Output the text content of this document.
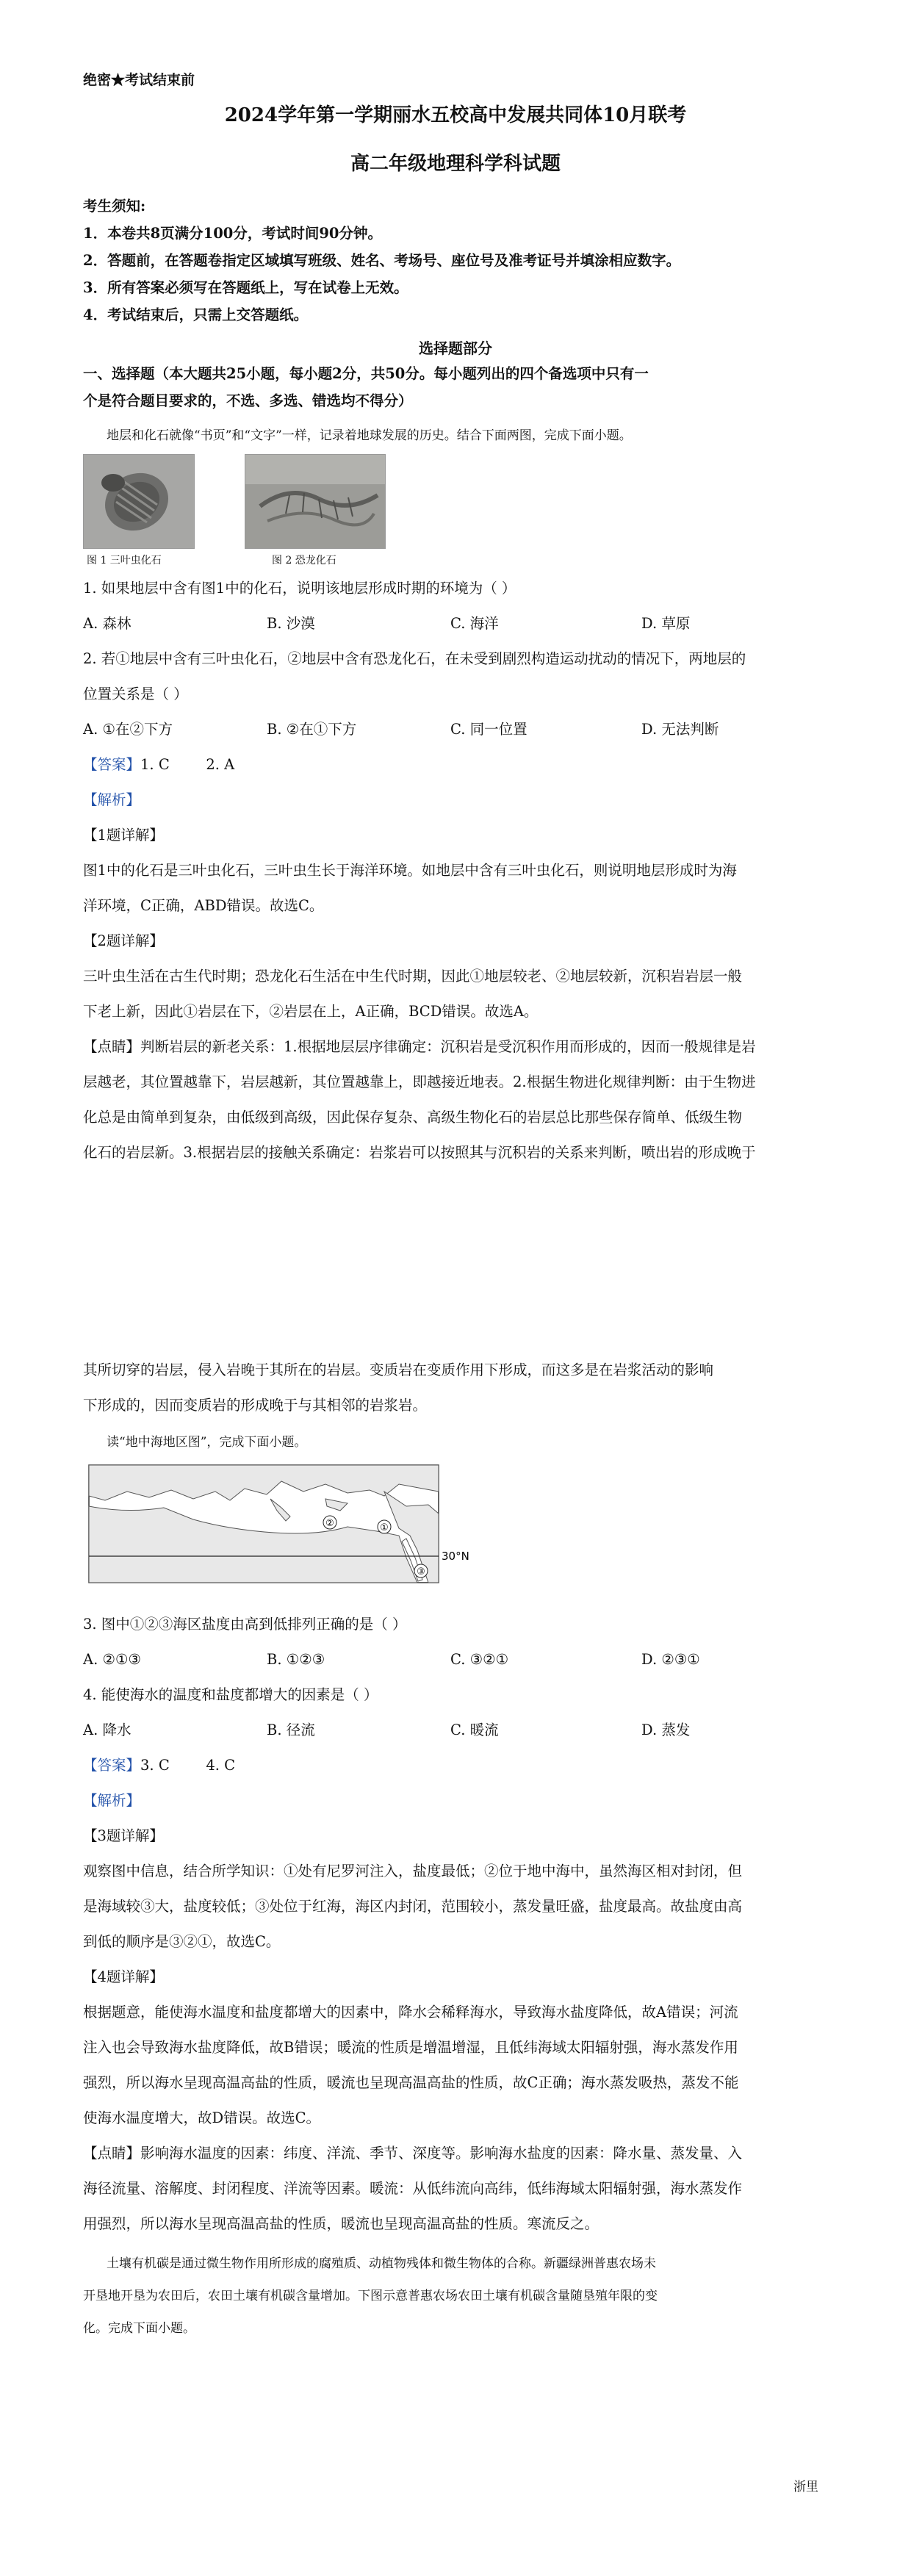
绝密★考试结束前
2024学年第一学期丽水五校高中发展共同体10月联考
高二年级地理科学科试题
考生须知:
1．本卷共8页满分100分，考试时间90分钟。
2．答题前，在答题卷指定区域填写班级、姓名、考场号、座位号及准考证号并填涂相应数字。
3．所有答案必须写在答题纸上，写在试卷上无效。
4．考试结束后，只需上交答题纸。
选择题部分
一、选择题（本大题共25小题，每小题2分，共50分。每小题列出的四个备选项中只有一
个是符合题目要求的，不选、多选、错选均不得分）
地层和化石就像“书页”和“文字”一样，记录着地球发展的历史。结合下面两图，完成下面小题。
图 1 三叶虫化石	图 2 恐龙化石
1. 如果地层中含有图1中的化石，说明该地层形成时期的环境为（ ）
A. 森林	B. 沙漠	C. 海洋	D. 草原
2. 若①地层中含有三叶虫化石，②地层中含有恐龙化石，在未受到剧烈构造运动扰动的情况下，两地层的
位置关系是（ ）
A. ①在②下方	B. ②在①下方	C. 同一位置	D. 无法判断
【答案】1. C        2. A
【解析】
【1题详解】
图1中的化石是三叶虫化石，三叶虫生长于海洋环境。如地层中含有三叶虫化石，则说明地层形成时为海
洋环境，C正确，ABD错误。故选C。
【2题详解】
三叶虫生活在古生代时期；恐龙化石生活在中生代时期，因此①地层较老、②地层较新，沉积岩岩层一般
下老上新，因此①岩层在下，②岩层在上，A正确，BCD错误。故选A。
【点睛】判断岩层的新老关系：1.根据地层层序律确定：沉积岩是受沉积作用而形成的，因而一般规律是岩
层越老，其位置越靠下，岩层越新，其位置越靠上，即越接近地表。2.根据生物进化规律判断：由于生物进
化总是由简单到复杂，由低级到高级，因此保存复杂、高级生物化石的岩层总比那些保存简单、低级生物
化石的岩层新。3.根据岩层的接触关系确定：岩浆岩可以按照其与沉积岩的关系来判断，喷出岩的形成晚于
其所切穿的岩层，侵入岩晚于其所在的岩层。变质岩在变质作用下形成，而这多是在岩浆活动的影响
下形成的，因而变质岩的形成晚于与其相邻的岩浆岩。
读“地中海地区图”，完成下面小题。
①
②
③
30°N
3. 图中①②③海区盐度由高到低排列正确的是（ ）
A. ②①③	B. ①②③	C. ③②①	D. ②③①
4. 能使海水的温度和盐度都增大的因素是（ ）
A. 降水	B. 径流	C. 暖流	D. 蒸发
【答案】3. C        4. C
【解析】
【3题详解】
观察图中信息，结合所学知识：①处有尼罗河注入，盐度最低；②位于地中海中，虽然海区相对封闭，但
是海域较③大，盐度较低；③处位于红海，海区内封闭，范围较小，蒸发量旺盛，盐度最高。故盐度由高
到低的顺序是③②①，故选C。
【4题详解】
根据题意，能使海水温度和盐度都增大的因素中，降水会稀释海水，导致海水盐度降低，故A错误；河流
注入也会导致海水盐度降低，故B错误；暖流的性质是增温增湿，且低纬海域太阳辐射强，海水蒸发作用
强烈，所以海水呈现高温高盐的性质，暖流也呈现高温高盐的性质，故C正确；海水蒸发吸热，蒸发不能
使海水温度增大，故D错误。故选C。
【点睛】影响海水温度的因素：纬度、洋流、季节、深度等。影响海水盐度的因素：降水量、蒸发量、入
海径流量、溶解度、封闭程度、洋流等因素。暖流：从低纬流向高纬，低纬海域太阳辐射强，海水蒸发作
用强烈，所以海水呈现高温高盐的性质，暖流也呈现高温高盐的性质。寒流反之。
土壤有机碳是通过微生物作用所形成的腐殖质、动植物残体和微生物体的合称。新疆绿洲普惠农场未
开垦地开垦为农田后，农田土壤有机碳含量增加。下图示意普惠农场农田土壤有机碳含量随垦殖年限的变
化。完成下面小题。
浙里
